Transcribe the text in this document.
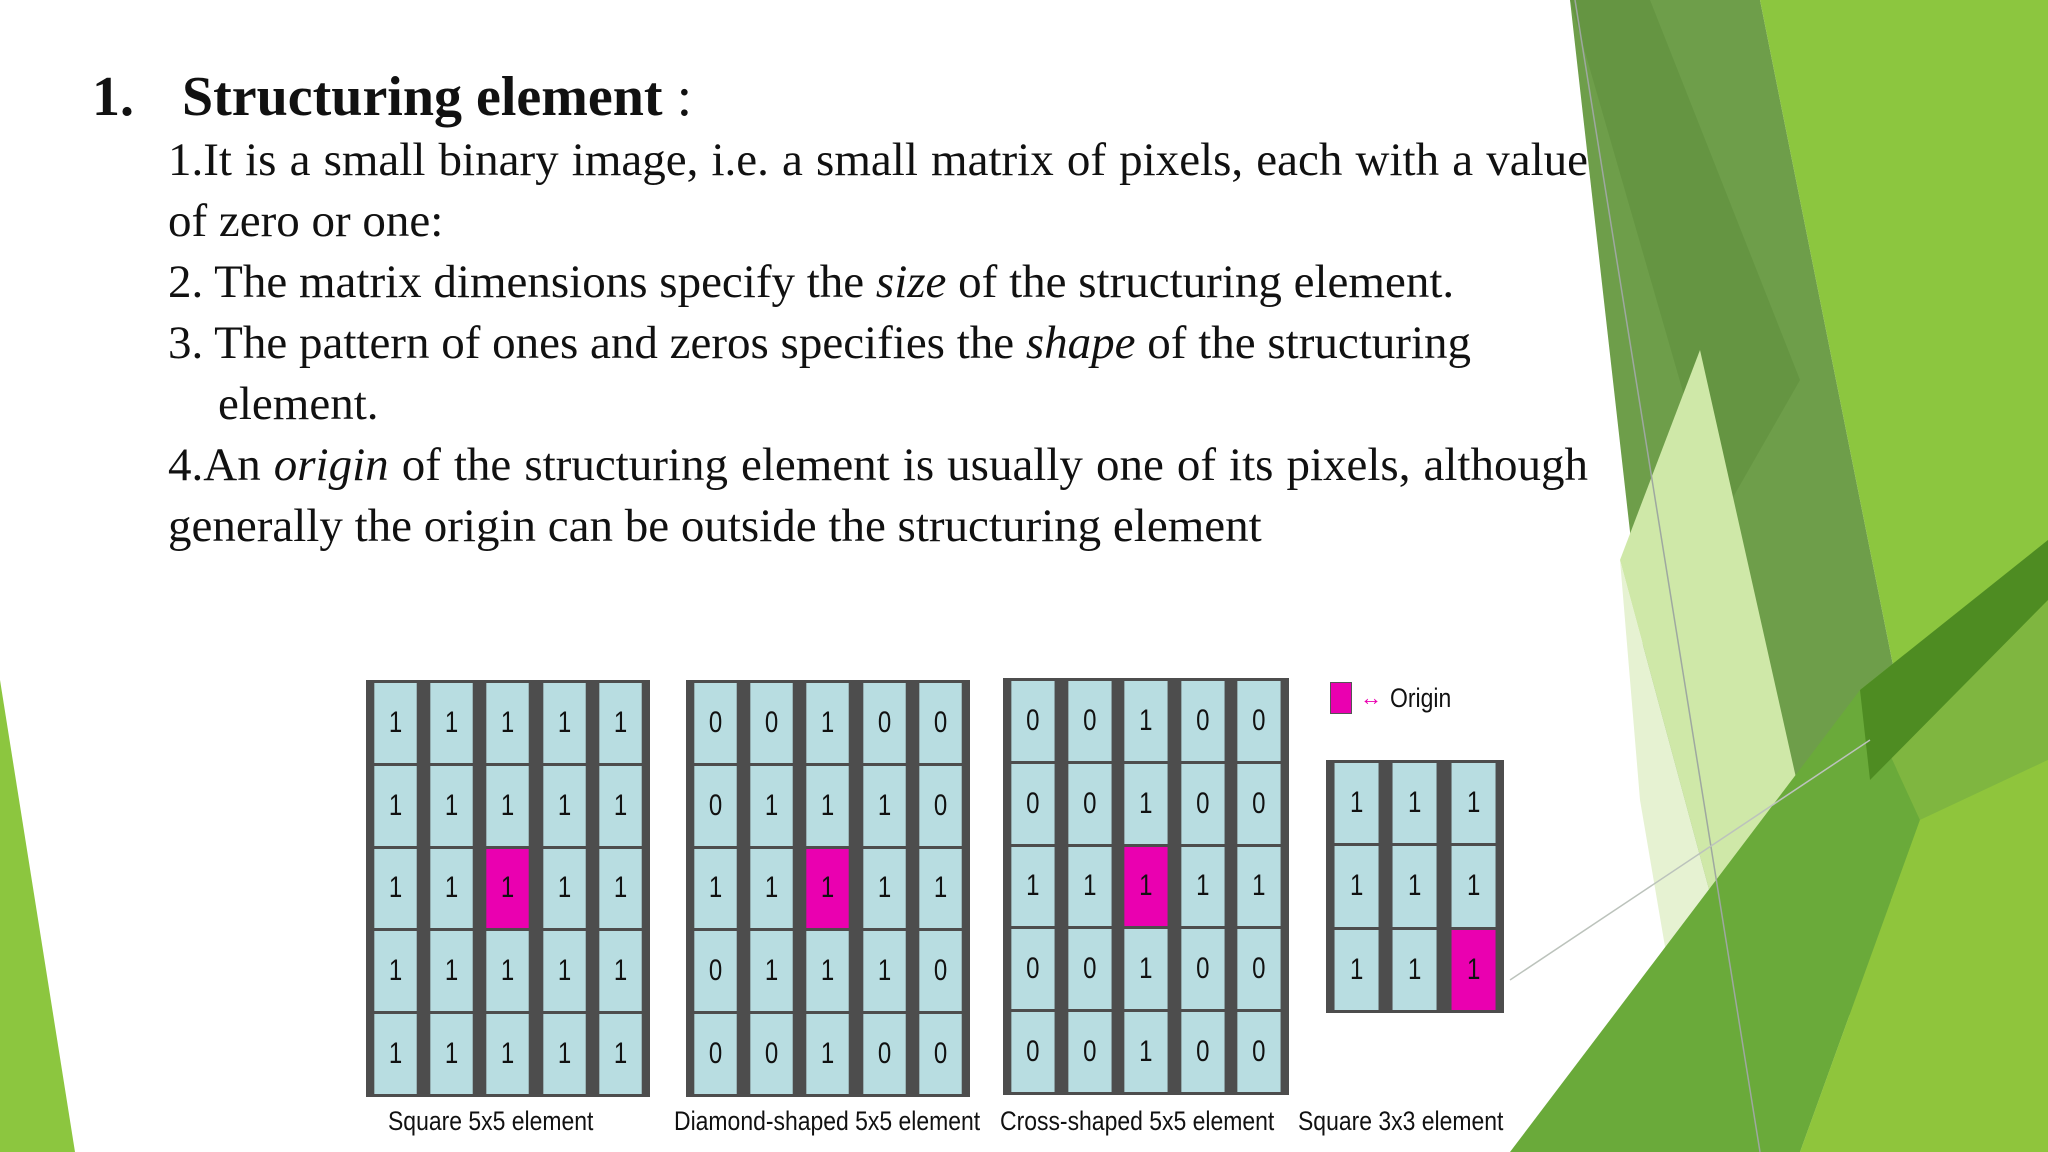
1. Structuring element :

1.It is a small binary image, i.e. a small matrix of pixels, each with a value of zero or one:

2. The matrix dimensions specify the size of the structuring element.

3. The pattern of ones and zeros specifies the shape of the structuring element.

4.An origin of the structuring element is usually one of its pixels, although generally the origin can be outside the structuring element

1	1	1	1	1
1	1	1	1	1
1	1	1	1	1
1	1	1	1	1
1	1	1	1	1
0	0	1	0	0
0	1	1	1	0
1	1	1	1	1
0	1	1	1	0
0	0	1	0	0
0	0	1	0	0
0	0	1	0	0
1	1	1	1	1
0	0	1	0	0
0	0	1	0	0
1	1	1
1	1	1
1	1	1
Square 5x5 element	Diamond-shaped 5x5 element Cross-shaped 5x5 element Square 3x3 element
↔ Origin
